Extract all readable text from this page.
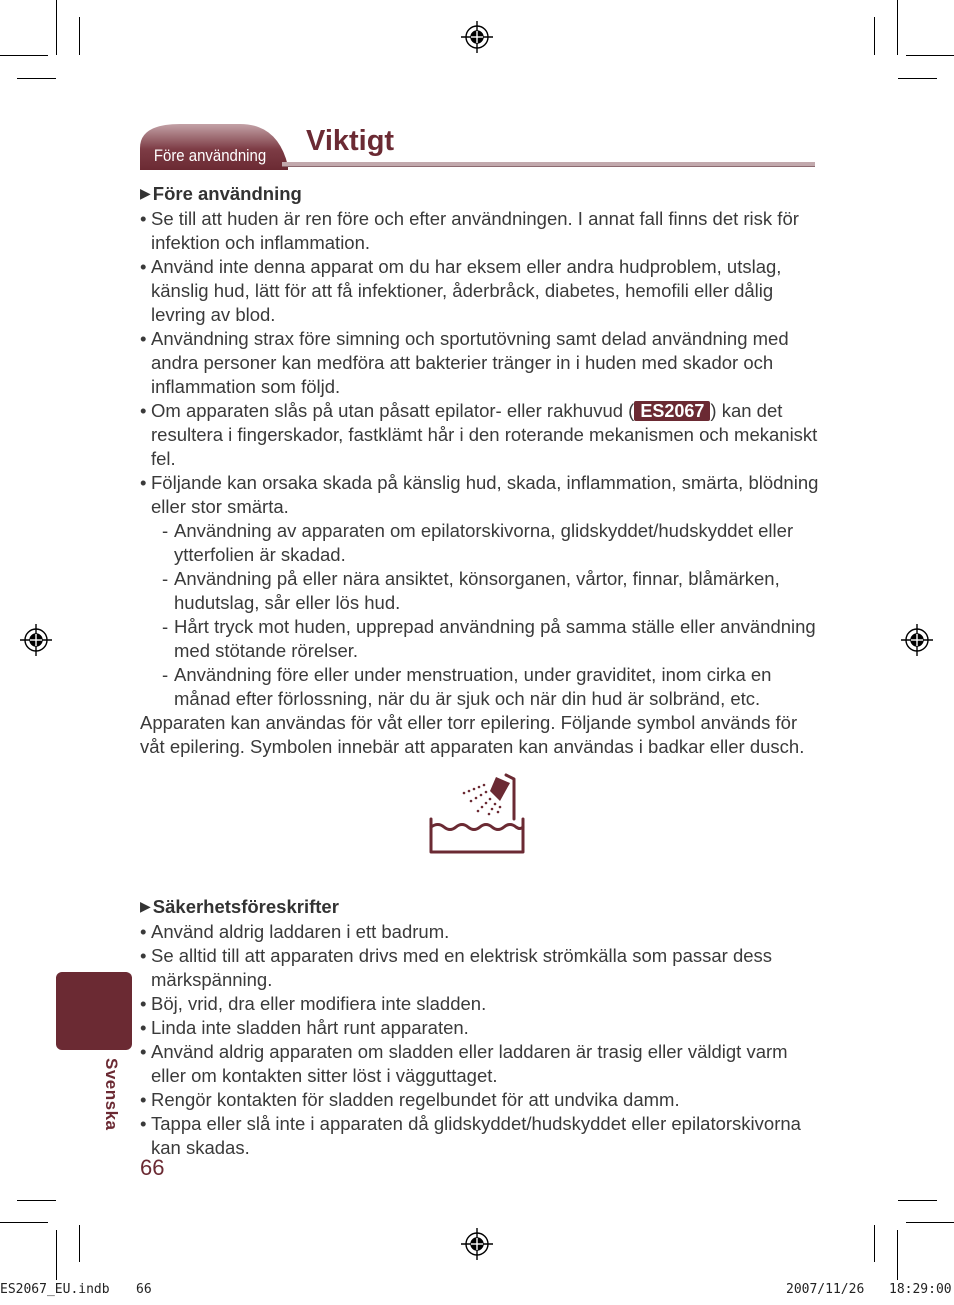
Före användning Viktigt
▶ Före användning
• Se till att huden är ren före och efter användningen. I annat fall finns det risk för infektion och inflammation.
• Använd inte denna apparat om du har eksem eller andra hudproblem, utslag, känslig hud, lätt för att få infektioner, åderbråck, diabetes, hemofili eller dålig levring av blod.
• Användning strax före simning och sportutövning samt delad användning med andra personer kan medföra att bakterier tränger in i huden med skador och inflammation som följd.
• Om apparaten slås på utan påsatt epilator- eller rakhuvud ( ES2067 ) kan det resultera i fingerskador, fastklämt hår i den roterande mekanismen och mekaniskt fel.
• Följande kan orsaka skada på känslig hud, skada, inflammation, smärta, blödning eller stor smärta.
- Användning av apparaten om epilatorskivorna, glidskyddet/hudskyddet eller ytterfolien är skadad.
- Användning på eller nära ansiktet, könsorganen, vårtor, finnar, blåmärken, hudutslag, sår eller lös hud.
- Hårt tryck mot huden, upprepad användning på samma ställe eller användning med stötande rörelser.
- Användning före eller under menstruation, under graviditet, inom cirka en månad efter förlossning, när du är sjuk och när din hud är solbränd, etc.

Apparaten kan användas för våt eller torr epilering. Följande symbol används för våt epilering. Symbolen innebär att apparaten kan användas i badkar eller dusch.

▶ Säkerhetsföreskrifter
• Använd aldrig laddaren i ett badrum.
• Se alltid till att apparaten drivs med en elektrisk strömkälla som passar dess märkspänning.
• Böj, vrid, dra eller modifiera inte sladden.
• Linda inte sladden hårt runt apparaten.
• Använd aldrig apparaten om sladden eller laddaren är trasig eller väldigt varm eller om kontakten sitter löst i vägguttaget.
• Rengör kontakten för sladden regelbundet för att undvika damm.
• Tappa eller slå inte i apparaten då glidskyddet/hudskyddet eller epilatorskivorna kan skadas.
Svenska
66
ES2067_EU.indb 66	2007/11/26 18:29:00
